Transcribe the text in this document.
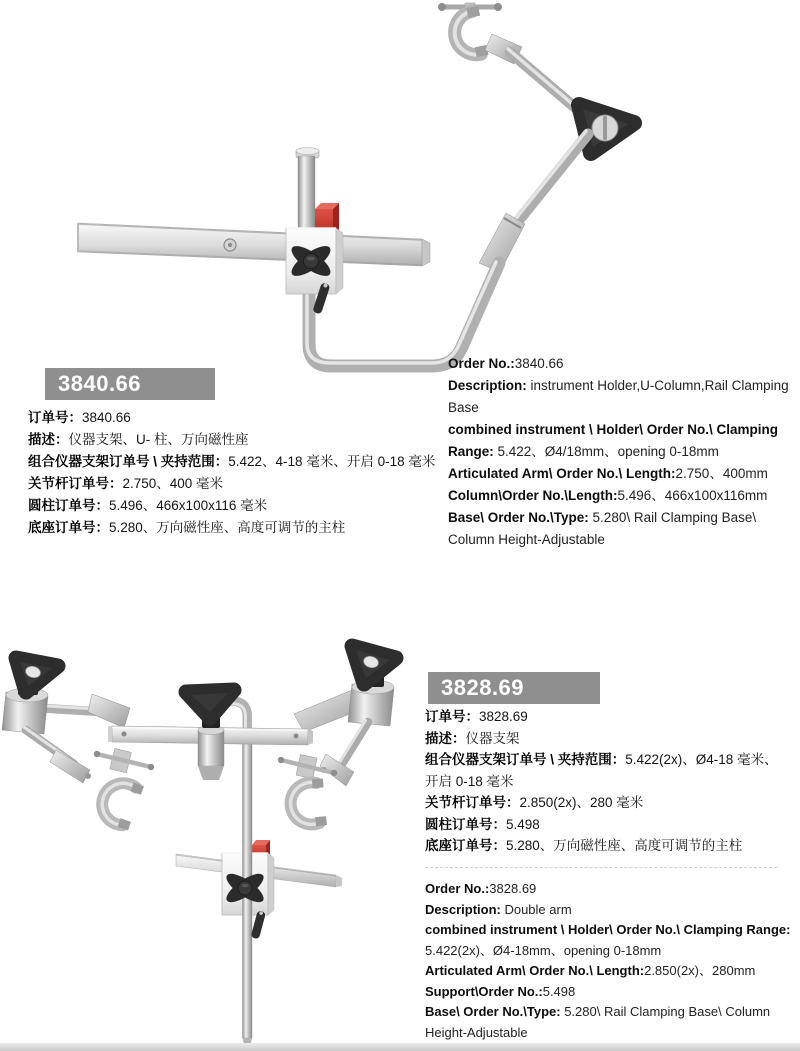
3840.66
订单号：3840.66
描述：仪器支架、U- 柱、万向磁性座
组合仪器支架订单号 \ 夹持范围：5.422、4-18 毫米、开启 0-18 毫米
关节杆订单号：2.750、400 毫米
圆柱订单号：5.496、466x100x116 毫米
底座订单号：5.280、万向磁性座、高度可调节的主柱
Order No.:3840.66
Description: instrument Holder,U-Column,Rail Clamping Base
combined instrument \ Holder\ Order No.\ Clamping Range: 5.422、Ø4/18mm、opening 0-18mm
Articulated Arm\ Order No.\ Length:2.750、400mm
Column\Order No.\Length:5.496、466x100x116mm
Base\ Order No.\Type: 5.280\ Rail Clamping Base\ Column Height-Adjustable
3828.69
订单号：3828.69
描述：仪器支架
组合仪器支架订单号 \ 夹持范围：5.422(2x)、Ø4-18 毫米、开启 0-18 毫米
关节杆订单号：2.850(2x)、280 毫米
圆柱订单号：5.498
底座订单号：5.280、万向磁性座、高度可调节的主柱
Order No.:3828.69
Description: Double arm
combined instrument \ Holder\ Order No.\ Clamping Range: 5.422(2x)、Ø4-18mm、opening 0-18mm
Articulated Arm\ Order No.\ Length:2.850(2x)、280mm
Support\Order No.:5.498
Base\ Order No.\Type: 5.280\ Rail Clamping Base\ Column Height-Adjustable
